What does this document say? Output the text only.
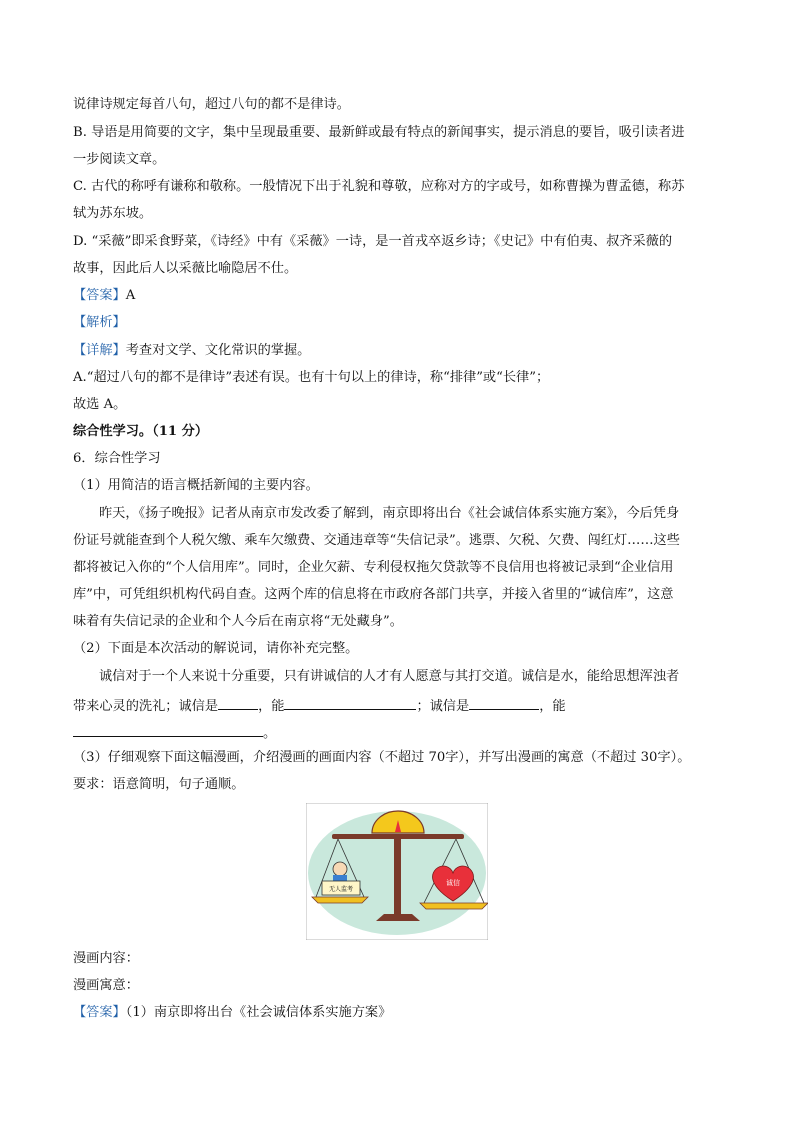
说律诗规定每首八句，超过八句的都不是律诗。
B. 导语是用简要的文字，集中呈现最重要、最新鲜或最有特点的新闻事实，提示消息的要旨，吸引读者进
一步阅读文章。
C. 古代的称呼有谦称和敬称。一般情况下出于礼貌和尊敬，应称对方的字或号，如称曹操为曹孟德，称苏
轼为苏东坡。
D. “采薇”即采食野菜，《诗经》中有《采薇》一诗，是一首戎卒返乡诗；《史记》中有伯夷、叔齐采薇的
故事，因此后人以采薇比喻隐居不仕。
【答案】A
【解析】
【详解】考查对文学、文化常识的掌握。
A.“超过八句的都不是律诗”表述有误。也有十句以上的律诗，称“排律”或“长律”；
故选 A。
综合性学习。（11 分）
6．综合性学习
（1）用简洁的语言概括新闻的主要内容。
昨天，《扬子晚报》记者从南京市发改委了解到，南京即将出台《社会诚信体系实施方案》，今后凭身
份证号就能查到个人税欠缴、乘车欠缴费、交通违章等“失信记录”。逃票、欠税、欠费、闯红灯……这些
都将被记入你的“个人信用库”。同时，企业欠薪、专利侵权拖欠贷款等不良信用也将被记录到“企业信用
库”中，可凭组织机构代码自查。这两个库的信息将在市政府各部门共享，并接入省里的“诚信库”，这意
味着有失信记录的企业和个人今后在南京将“无处藏身”。
（2）下面是本次活动的解说词，请你补充完整。
诚信对于一个人来说十分重要，只有讲诚信的人才有人愿意与其打交道。诚信是水，能给思想浑浊者
带来心灵的洗礼；诚信是	，能	；诚信是	，能
。
（3）仔细观察下面这幅漫画，介绍漫画的画面内容（不超过 70字），并写出漫画的寓意（不超过 30字）。
要求：语意简明，句子通顺。
无人监考
诚信
漫画内容：
漫画寓意：
【答案】（1）南京即将出台《社会诚信体系实施方案》
